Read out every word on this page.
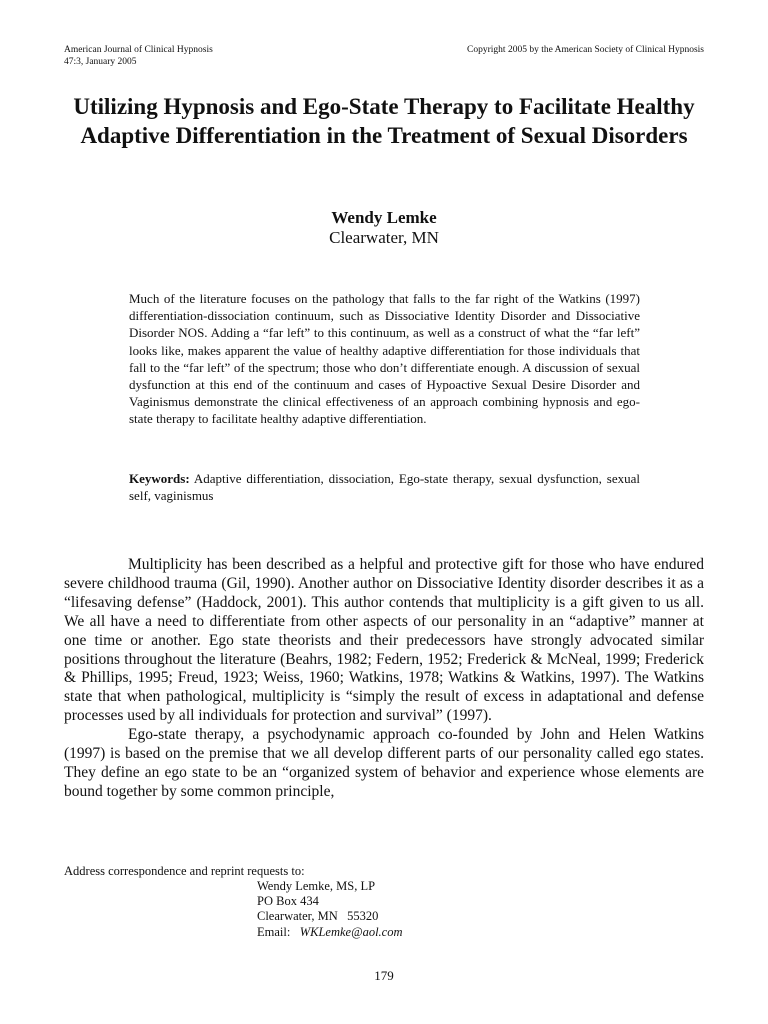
American Journal of Clinical Hypnosis
47:3, January 2005
Copyright 2005 by the American Society of Clinical Hypnosis
Utilizing Hypnosis and Ego-State Therapy to Facilitate Healthy Adaptive Differentiation in the Treatment of Sexual Disorders
Wendy Lemke
Clearwater, MN

Much of the literature focuses on the pathology that falls to the far right of the Watkins (1997) differentiation-dissociation continuum, such as Dissociative Identity Disorder and Dissociative Disorder NOS. Adding a “far left” to this continuum, as well as a construct of what the “far left” looks like, makes apparent the value of healthy adaptive differentiation for those individuals that fall to the “far left” of the spectrum; those who don’t differentiate enough. A discussion of sexual dysfunction at this end of the continuum and cases of Hypoactive Sexual Desire Disorder and Vaginismus demonstrate the clinical effectiveness of an approach combining hypnosis and ego-state therapy to facilitate healthy adaptive differentiation.

Keywords: Adaptive differentiation, dissociation, Ego-state therapy, sexual dysfunction, sexual self, vaginismus

Multiplicity has been described as a helpful and protective gift for those who have endured severe childhood trauma (Gil, 1990). Another author on Dissociative Identity disorder describes it as a “lifesaving defense” (Haddock, 2001). This author contends that multiplicity is a gift given to us all. We all have a need to differentiate from other aspects of our personality in an “adaptive” manner at one time or another. Ego state theorists and their predecessors have strongly advocated similar positions throughout the literature (Beahrs, 1982; Federn, 1952; Frederick & McNeal, 1999; Frederick & Phillips, 1995; Freud, 1923; Weiss, 1960; Watkins, 1978; Watkins & Watkins, 1997). The Watkins state that when pathological, multiplicity is “simply the result of excess in adaptational and defense processes used by all individuals for protection and survival” (1997).

Ego-state therapy, a psychodynamic approach co-founded by John and Helen Watkins (1997) is based on the premise that we all develop different parts of our personality called ego states. They define an ego state to be an “organized system of behavior and experience whose elements are bound together by some common principle,

Address correspondence and reprint requests to:
Wendy Lemke, MS, LP
PO Box 434
Clearwater, MN   55320
Email: WKLemke@aol.com
179
